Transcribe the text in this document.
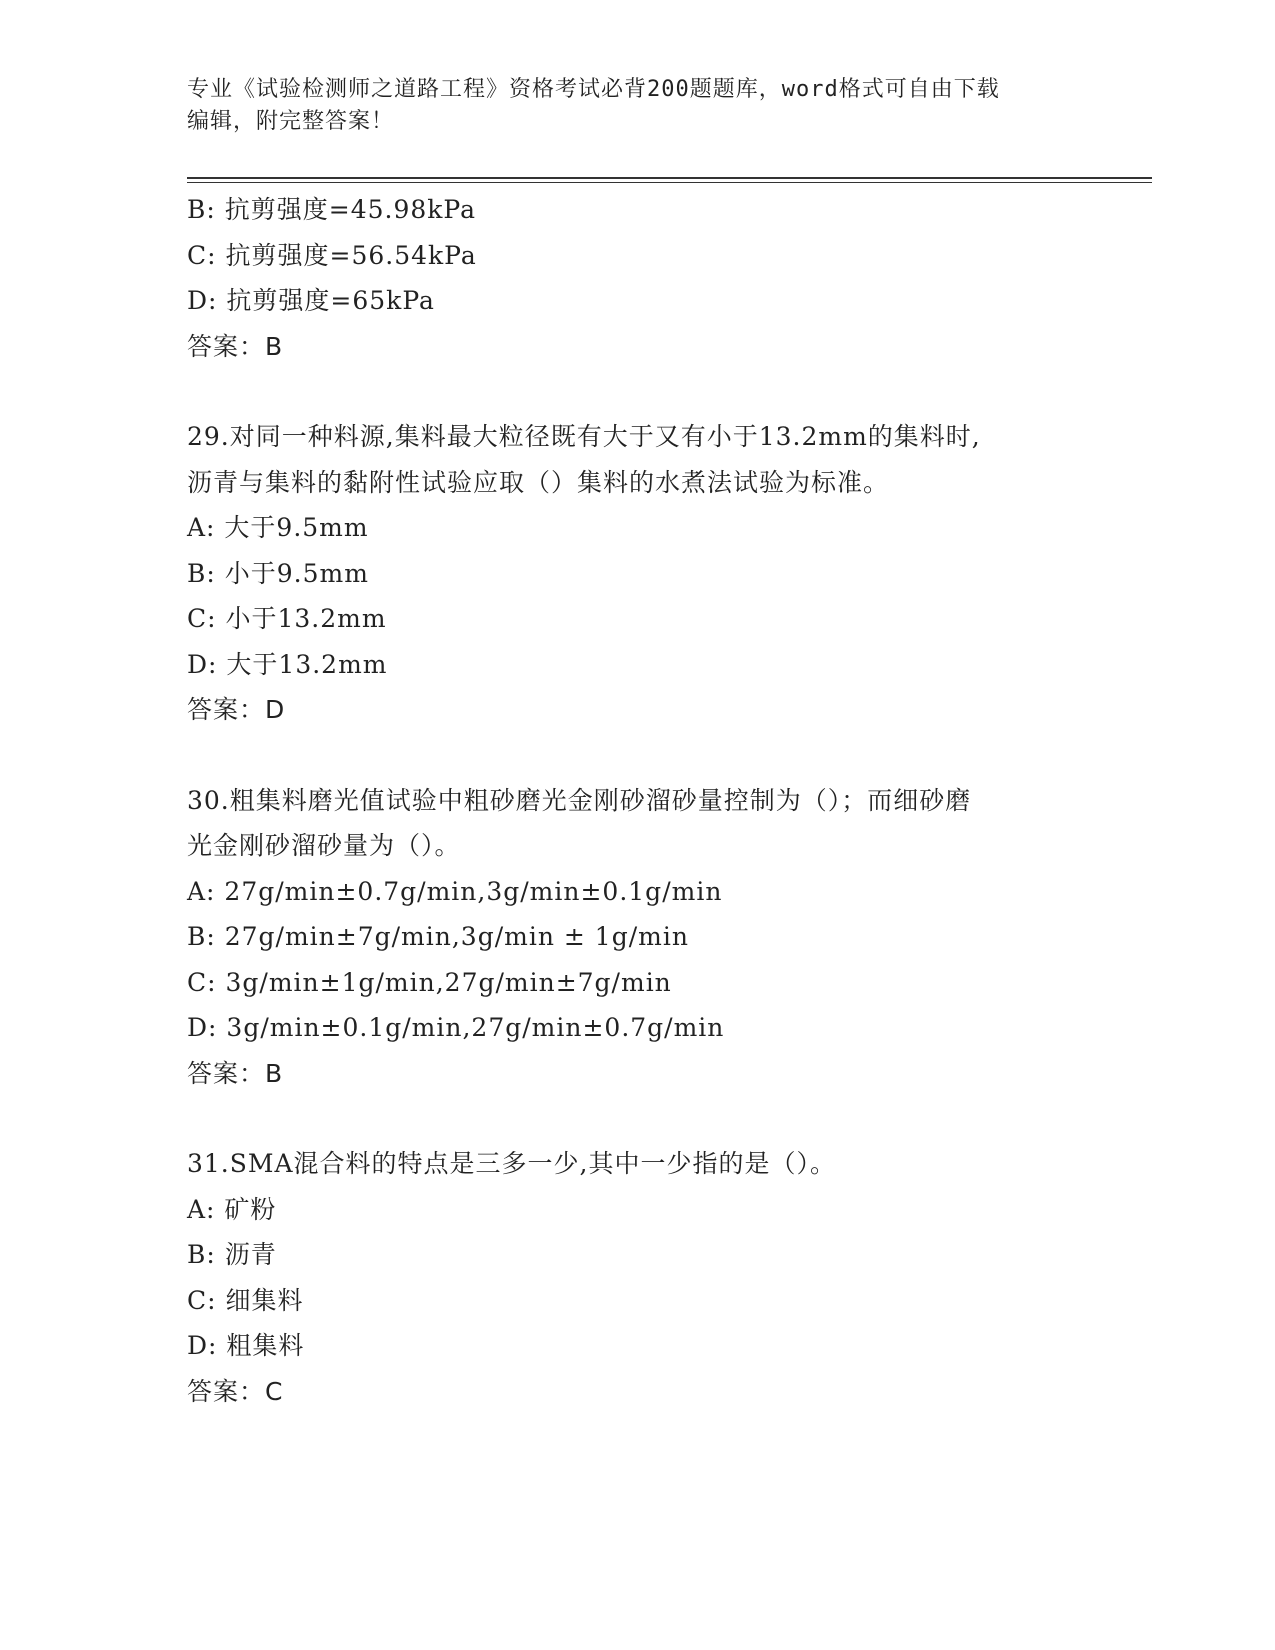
专业《试验检测师之道路工程》资格考试必背200题题库，word格式可自由下载
编辑，附完整答案！
B: 抗剪强度=45.98kPa
C: 抗剪强度=56.54kPa
D: 抗剪强度=65kPa
答案：B
29.对同一种料源,集料最大粒径既有大于又有小于13.2mm的集料时,
沥青与集料的黏附性试验应取（）集料的水煮法试验为标准。
A: 大于9.5mm
B: 小于9.5mm
C: 小于13.2mm
D: 大于13.2mm
答案：D
30.粗集料磨光值试验中粗砂磨光金刚砂溜砂量控制为（）；而细砂磨
光金刚砂溜砂量为（）。
A: 27g/min±0.7g/min,3g/min±0.1g/min
B: 27g/min±7g/min,3g/min ± 1g/min
C: 3g/min±1g/min,27g/min±7g/min
D: 3g/min±0.1g/min,27g/min±0.7g/min
答案：B
31.SMA混合料的特点是三多一少,其中一少指的是（）。
A: 矿粉
B: 沥青
C: 细集料
D: 粗集料
答案：C
